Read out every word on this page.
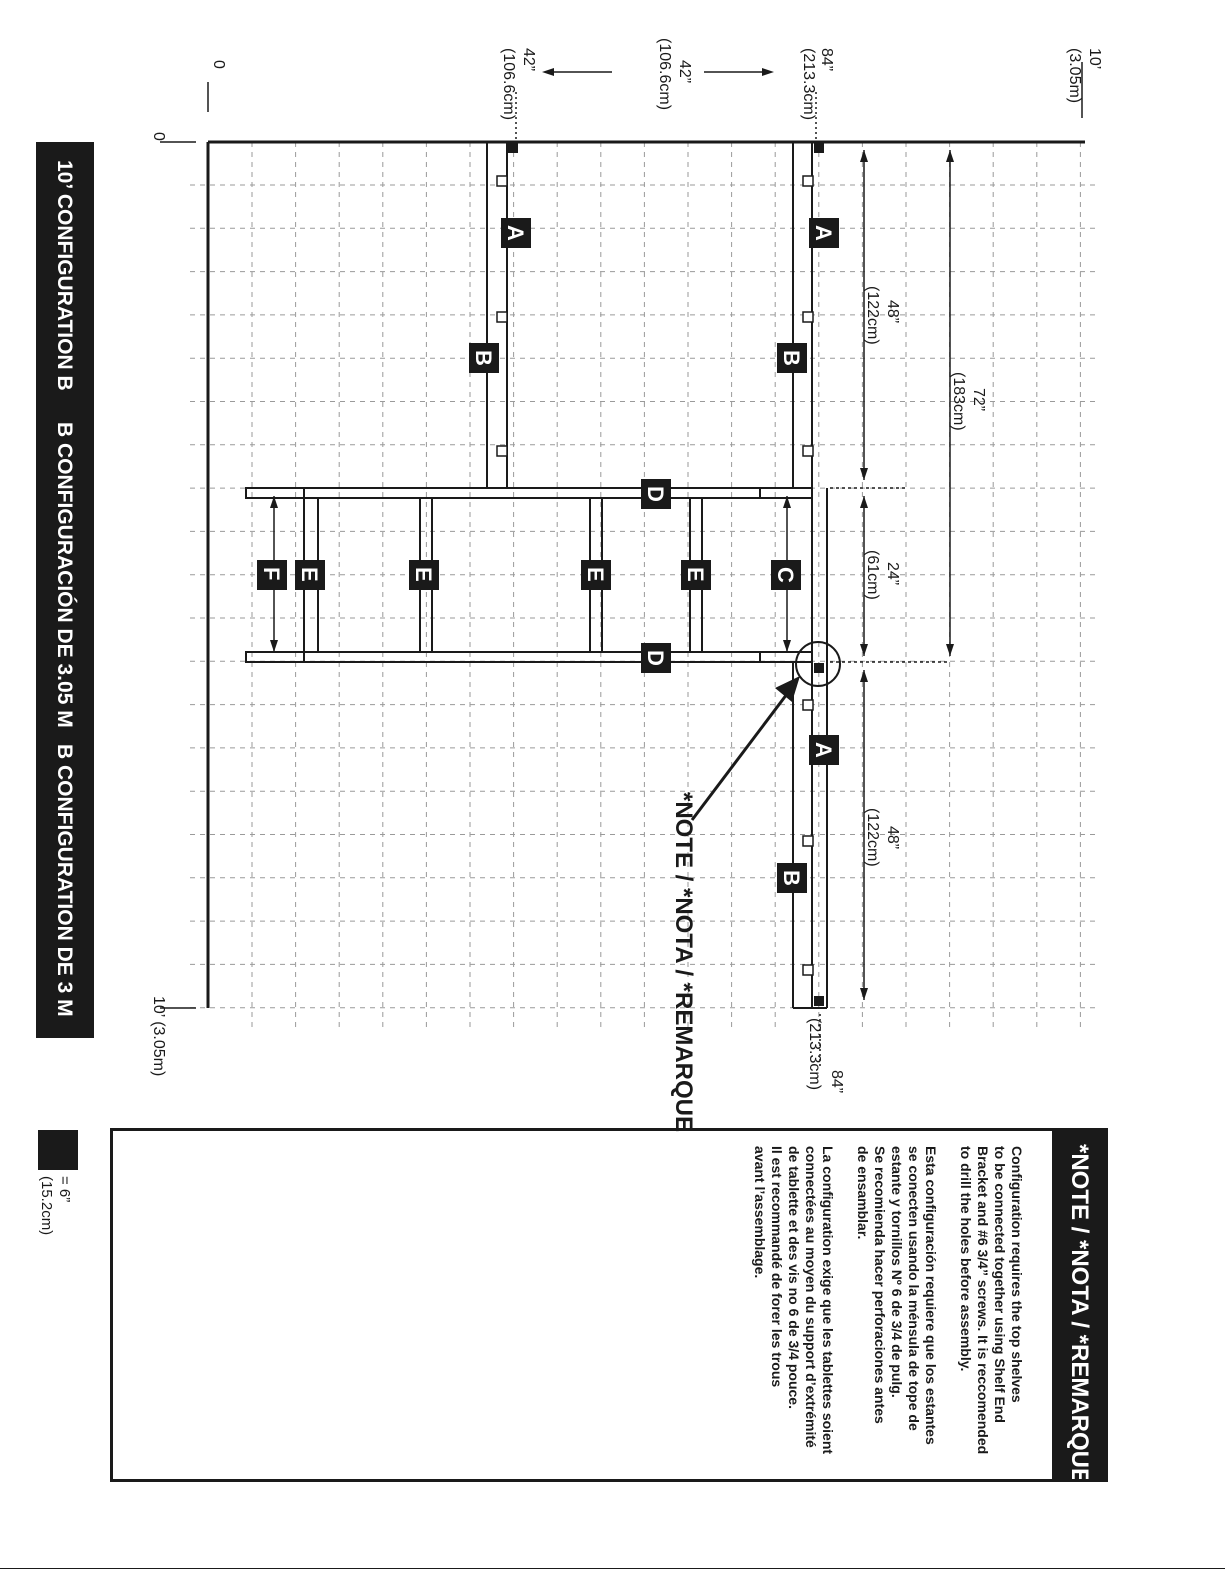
84”
(213.3cm)
42”
(106.6cm)
42”
(106.6cm)
48”
(122cm)
72”
(183cm)
24”
(61cm)
48”
(122cm)
84”
(213.3cm)
10’
(3.05m)
0
0
10’ (3.05m)
A
B
A
B
D
D
C
E
E
E
E
F
A
B
*NOTE / *NOTA / *REMARQUE
10’ CONFIGURATION B
B CONFIGURACIÓN DE 3.05 M
B CONFIGURATION DE 3 M
*NOTE / *NOTA / *REMARQUE
Configuration requires the top shelves
to be connected together using Shelf End
Bracket and #6 3/4” screws. It is reccomended
to drill the holes before assembly.
Esta configuración requiere que los estantes
se conecten usando la ménsula de tope de
estante y tornillos Nº 6 de 3/4 de pulg.
Se recomienda hacer perforaciones antes
de ensamblar.
La configuration exige que les tablettes soient
connectées au moyen du support d’extrémité
de tablette et des vis no 6 de 3/4 pouce.
Il est recommandé de forer les trous
avant l’assemblage.
= 6”
(15.2cm)
